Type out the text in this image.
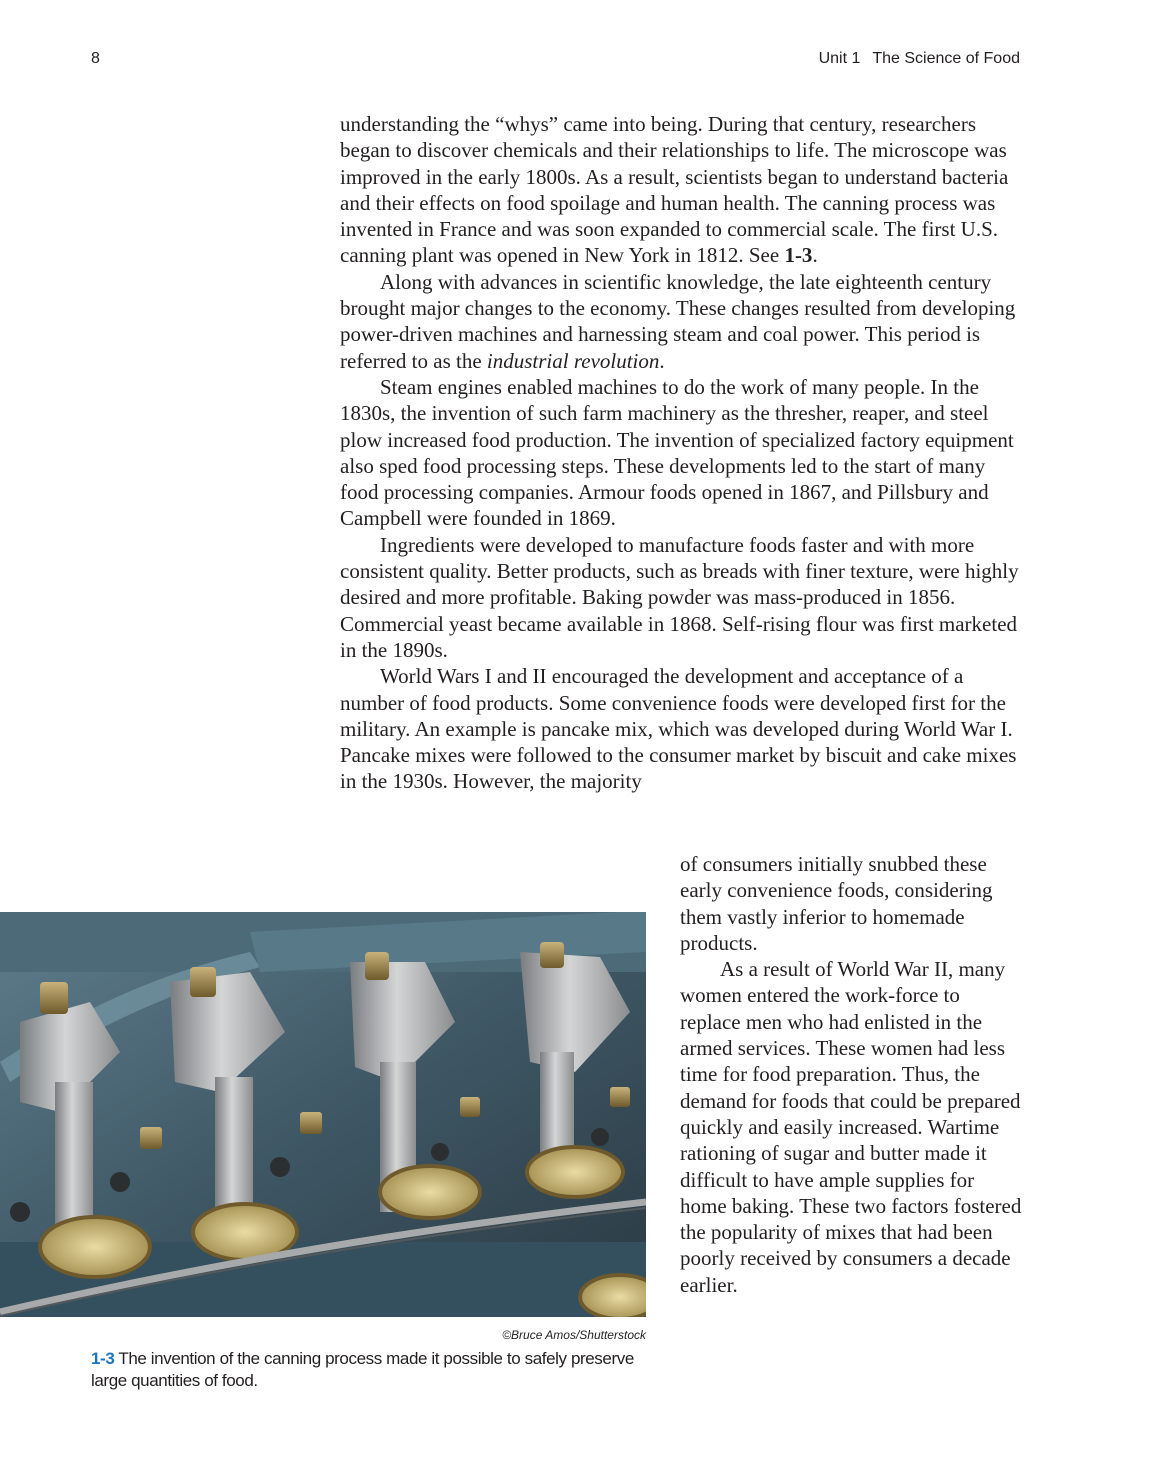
8	Unit 1 The Science of Food

understanding the “whys” came into being. During that century, researchers began to discover chemicals and their relationships to life. The microscope was improved in the early 1800s. As a result, scientists began to understand bacteria and their effects on food spoilage and human health. The canning process was invented in France and was soon expanded to commercial scale. The first U.S. canning plant was opened in New York in 1812. See 1-3.

Along with advances in scientific knowledge, the late eighteenth century brought major changes to the economy. These changes resulted from developing power-driven machines and harnessing steam and coal power. This period is referred to as the industrial revolution.

Steam engines enabled machines to do the work of many people. In the 1830s, the invention of such farm machinery as the thresher, reaper, and steel plow increased food production. The invention of specialized factory equipment also sped food processing steps. These developments led to the start of many food processing companies. Armour foods opened in 1867, and Pillsbury and Campbell were founded in 1869.

Ingredients were developed to manufacture foods faster and with more consistent quality. Better products, such as breads with finer texture, were highly desired and more profitable. Baking powder was mass-produced in 1856. Commercial yeast became available in 1868. Self-rising flour was first marketed in the 1890s.

World Wars I and II encouraged the development and acceptance of a number of food products. Some convenience foods were developed first for the military. An example is pancake mix, which was developed during World War I. Pancake mixes were followed to the consumer market by biscuit and cake mixes in the 1930s. However, the majority

of consumers initially snubbed these early convenience foods, considering them vastly inferior to homemade products.

As a result of World War II, many women entered the work-force to replace men who had enlisted in the armed services. These women had less time for food preparation. Thus, the demand for foods that could be prepared quickly and easily increased. Wartime rationing of sugar and butter made it difficult to have ample supplies for home baking. These two factors fostered the popularity of mixes that had been poorly received by consumers a decade earlier.

©Bruce Amos/Shutterstock
1-3 The invention of the canning process made it possible to safely preserve large quantities of food.
